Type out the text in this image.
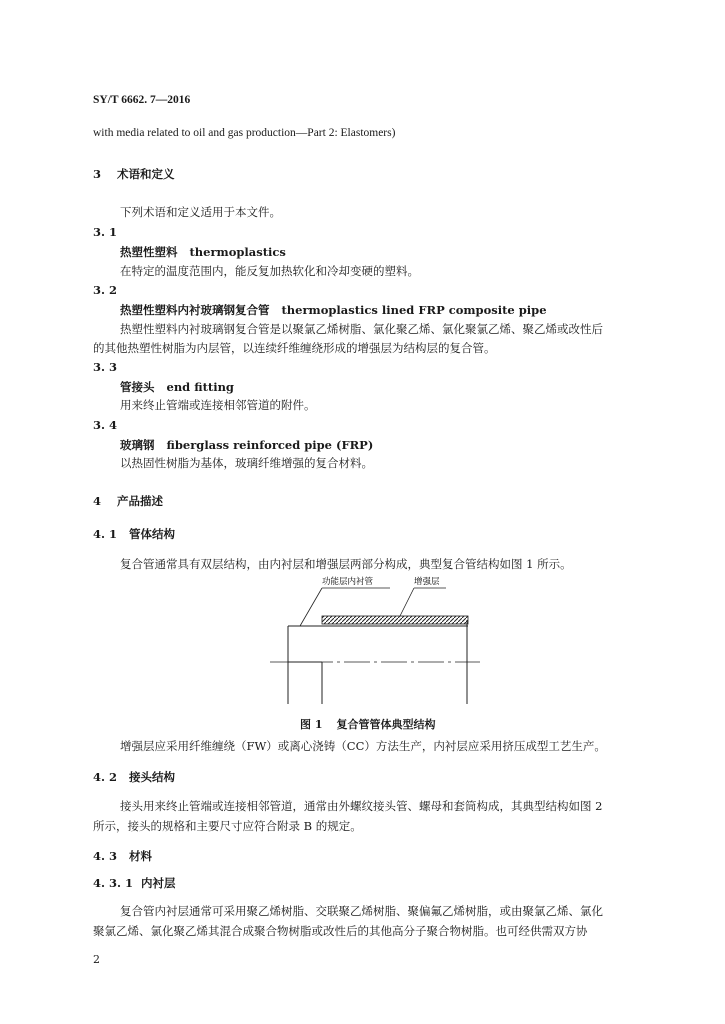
SY/T 6662. 7—2016
with media related to oil and gas production—Part 2: Elastomers)
3 术语和定义
下列术语和定义适用于本文件。
3. 1
热塑性塑料 thermoplastics
在特定的温度范围内，能反复加热软化和冷却变硬的塑料。
3. 2
热塑性塑料内衬玻璃钢复合管 thermoplastics lined FRP composite pipe
热塑性塑料内衬玻璃钢复合管是以聚氯乙烯树脂、氯化聚乙烯、氯化聚氯乙烯、聚乙烯或改性后
的其他热塑性树脂为内层管，以连续纤维缠绕形成的增强层为结构层的复合管。
3. 3
管接头 end fitting
用来终止管端或连接相邻管道的附件。
3. 4
玻璃钢 fiberglass reinforced pipe (FRP)
以热固性树脂为基体，玻璃纤维增强的复合材料。
4 产品描述
4. 1 管体结构
复合管通常具有双层结构，由内衬层和增强层两部分构成，典型复合管结构如图 1 所示。
功能层内衬管	增强层
图 1 复合管管体典型结构
增强层应采用纤维缠绕（FW）或离心浇铸（CC）方法生产，内衬层应采用挤压成型工艺生产。
4. 2 接头结构
接头用来终止管端或连接相邻管道，通常由外螺纹接头管、螺母和套筒构成，其典型结构如图 2
所示，接头的规格和主要尺寸应符合附录 B 的规定。
4. 3 材料
4. 3. 1 内衬层
复合管内衬层通常可采用聚乙烯树脂、交联聚乙烯树脂、聚偏氟乙烯树脂，或由聚氯乙烯、氯化
聚氯乙烯、氯化聚乙烯其混合成聚合物树脂或改性后的其他高分子聚合物树脂。也可经供需双方协
2
